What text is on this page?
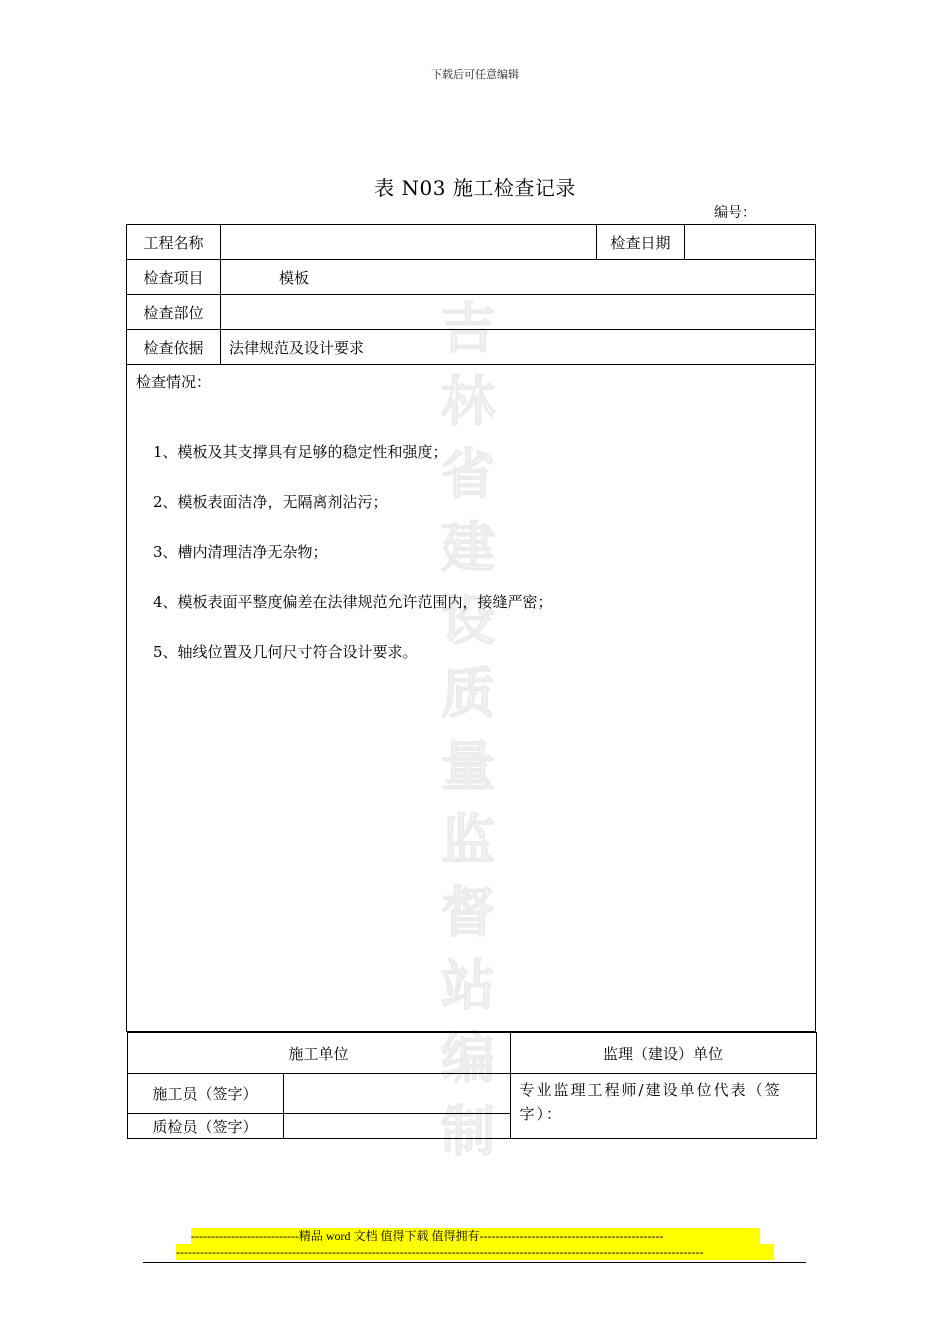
下载后可任意编辑
表 N03 施工检查记录
编号：
吉
林
省
建
设
质
量
监
督
站
编
制
工程名称		检查日期	
检查项目	模板
检查部位	
检查依据	法律规范及设计要求

检查情况：
1、模板及其支撑具有足够的稳定性和强度；
2、模板表面洁净，无隔离剂沾污；
3、槽内清理洁净无杂物；
4、模板表面平整度偏差在法律规范允许范围内，接缝严密；
5、轴线位置及几何尺寸符合设计要求。

施工单位	监理（建设）单位
施工员（签字）		专业监理工程师/建设单位代表（签字）：
质检员（签字）	
---------------------------精品 word 文档 值得下载 值得拥有----------------------------------------------
------------------------------------------------------------------------------------------------------------------------------------
